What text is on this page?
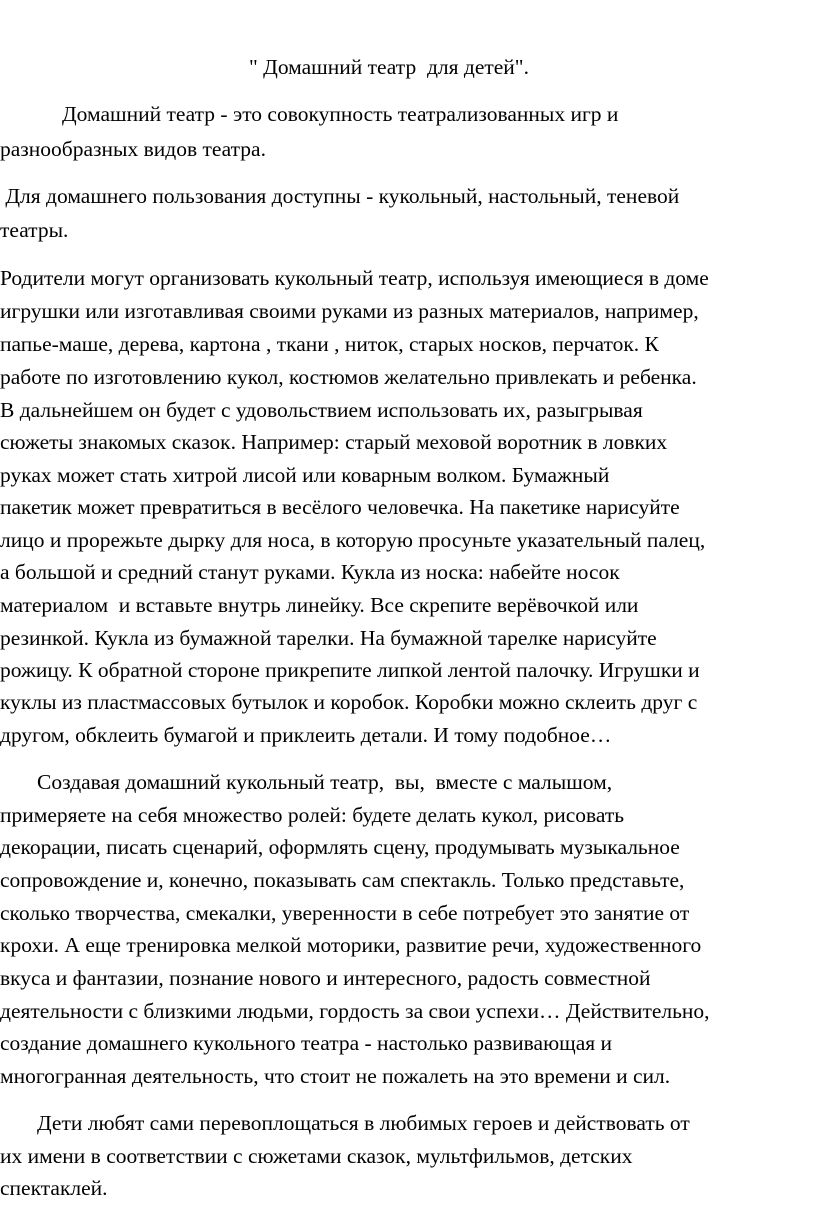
" Домашний театр  для детей".
Домашний театр - это совокупность театрализованных игр и
разнообразных видов театра.
Для домашнего пользования доступны - кукольный, настольный, теневой
театры.
Родители могут организовать кукольный театр, используя имеющиеся в доме
игрушки или изготавливая своими руками из разных материалов, например,
папье-маше, дерева, картона , ткани , ниток, старых носков, перчаток. К
работе по изготовлению кукол, костюмов желательно привлекать и ребенка.
В дальнейшем он будет с удовольствием использовать их, разыгрывая
сюжеты знакомых сказок. Например: старый меховой воротник в ловких
руках может стать хитрой лисой или коварным волком. Бумажный
пакетик может превратиться в весёлого человечка. На пакетике нарисуйте
лицо и прорежьте дырку для носа, в которую просуньте указательный палец,
а большой и средний станут руками. Кукла из носка: набейте носок
материалом  и вставьте внутрь линейку. Все скрепите верёвочкой или
резинкой. Кукла из бумажной тарелки. На бумажной тарелке нарисуйте
рожицу. К обратной стороне прикрепите липкой лентой палочку. Игрушки и
куклы из пластмассовых бутылок и коробок. Коробки можно склеить друг с
другом, обклеить бумагой и приклеить детали. И тому подобное…
Создавая домашний кукольный театр,  вы,  вместе с малышом,
примеряете на себя множество ролей: будете делать кукол, рисовать
декорации, писать сценарий, оформлять сцену, продумывать музыкальное
сопровождение и, конечно, показывать сам спектакль. Только представьте,
сколько творчества, смекалки, уверенности в себе потребует это занятие от
крохи. А еще тренировка мелкой моторики, развитие речи, художественного
вкуса и фантазии, познание нового и интересного, радость совместной
деятельности с близкими людьми, гордость за свои успехи… Действительно,
создание домашнего кукольного театра - настолько развивающая и
многогранная деятельность, что стоит не пожалеть на это времени и сил.
Дети любят сами перевоплощаться в любимых героев и действовать от
их имени в соответствии с сюжетами сказок, мультфильмов, детских
спектаклей.
